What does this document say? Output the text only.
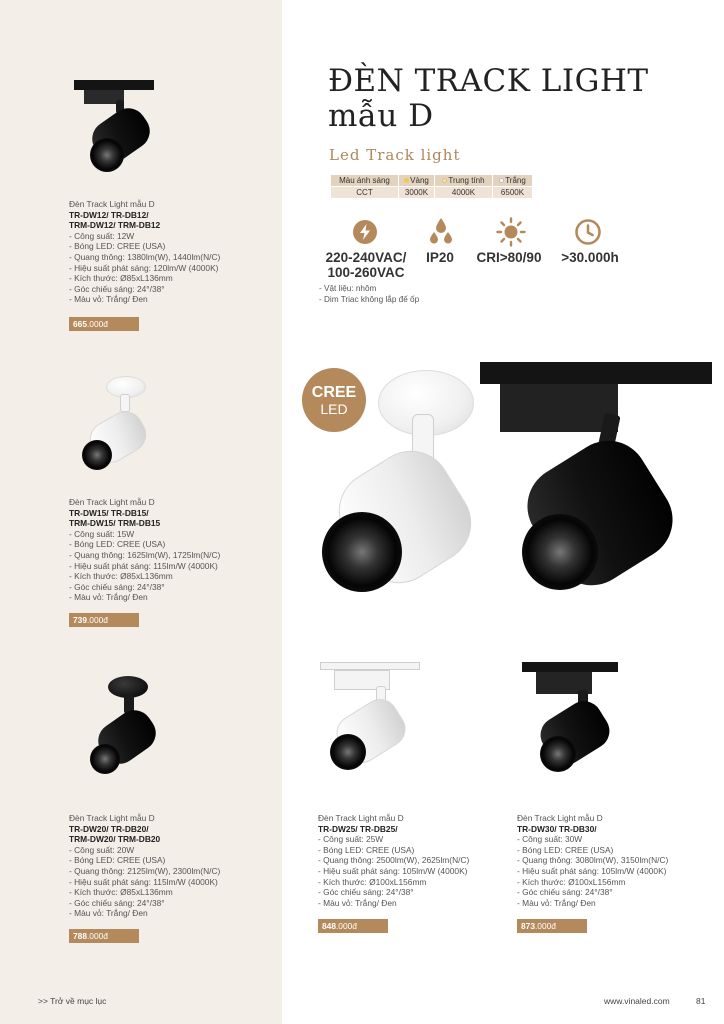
Đèn Track Light mẫu D
TR-DW12/ TR-DB12/
TRM-DW12/ TRM-DB12
- Công suất: 12W
- Bóng LED: CREE (USA)
- Quang thông: 1380lm(W), 1440lm(N/C)
- Hiệu suất phát sáng: 120lm/W (4000K)
- Kích thước: Ø85xL136mm
- Góc chiếu sáng: 24°/38°
- Màu vỏ: Trắng/ Đen
665.000đ
Đèn Track Light mẫu D
TR-DW15/ TR-DB15/
TRM-DW15/ TRM-DB15
- Công suất: 15W
- Bóng LED: CREE (USA)
- Quang thông: 1625lm(W), 1725lm(N/C)
- Hiệu suất phát sáng: 115lm/W (4000K)
- Kích thước: Ø85xL136mm
- Góc chiếu sáng: 24°/38°
- Màu vỏ: Trắng/ Đen
739.000đ
Đèn Track Light mẫu D
TR-DW20/ TR-DB20/
TRM-DW20/ TRM-DB20
- Công suất: 20W
- Bóng LED: CREE (USA)
- Quang thông: 2125lm(W), 2300lm(N/C)
- Hiệu suất phát sáng: 115lm/W (4000K)
- Kích thước: Ø85xL136mm
- Góc chiếu sáng: 24°/38°
- Màu vỏ: Trắng/ Đen
788.000đ
ĐÈN TRACK LIGHT
mẫu D
Led Track light
Màu ánh sáng	Vàng	Trung tính	Trắng
CCT	3000K	4000K	6500K
220-240VAC/
100-260VAC
IP20	CRI>80/90	>30.000h
- Vật liệu: nhôm
- Dim Triac không lắp đế ốp
CREE
LED
Đèn Track Light mẫu D
TR-DW25/ TR-DB25/
- Công suất: 25W
- Bóng LED: CREE (USA)
- Quang thông: 2500lm(W), 2625lm(N/C)
- Hiệu suất phát sáng: 105lm/W (4000K)
- Kích thước: Ø100xL156mm
- Góc chiếu sáng: 24°/38°
- Màu vỏ: Trắng/ Đen
848.000đ
Đèn Track Light mẫu D
TR-DW30/ TR-DB30/
- Công suất: 30W
- Bóng LED: CREE (USA)
- Quang thông: 3080lm(W), 3150lm(N/C)
- Hiệu suất phát sáng: 105lm/W (4000K)
- Kích thước: Ø100xL156mm
- Góc chiếu sáng: 24°/38°
- Màu vỏ: Trắng/ Đen
873.000đ
>> Trở về mục lục	www.vinaled.com	81
